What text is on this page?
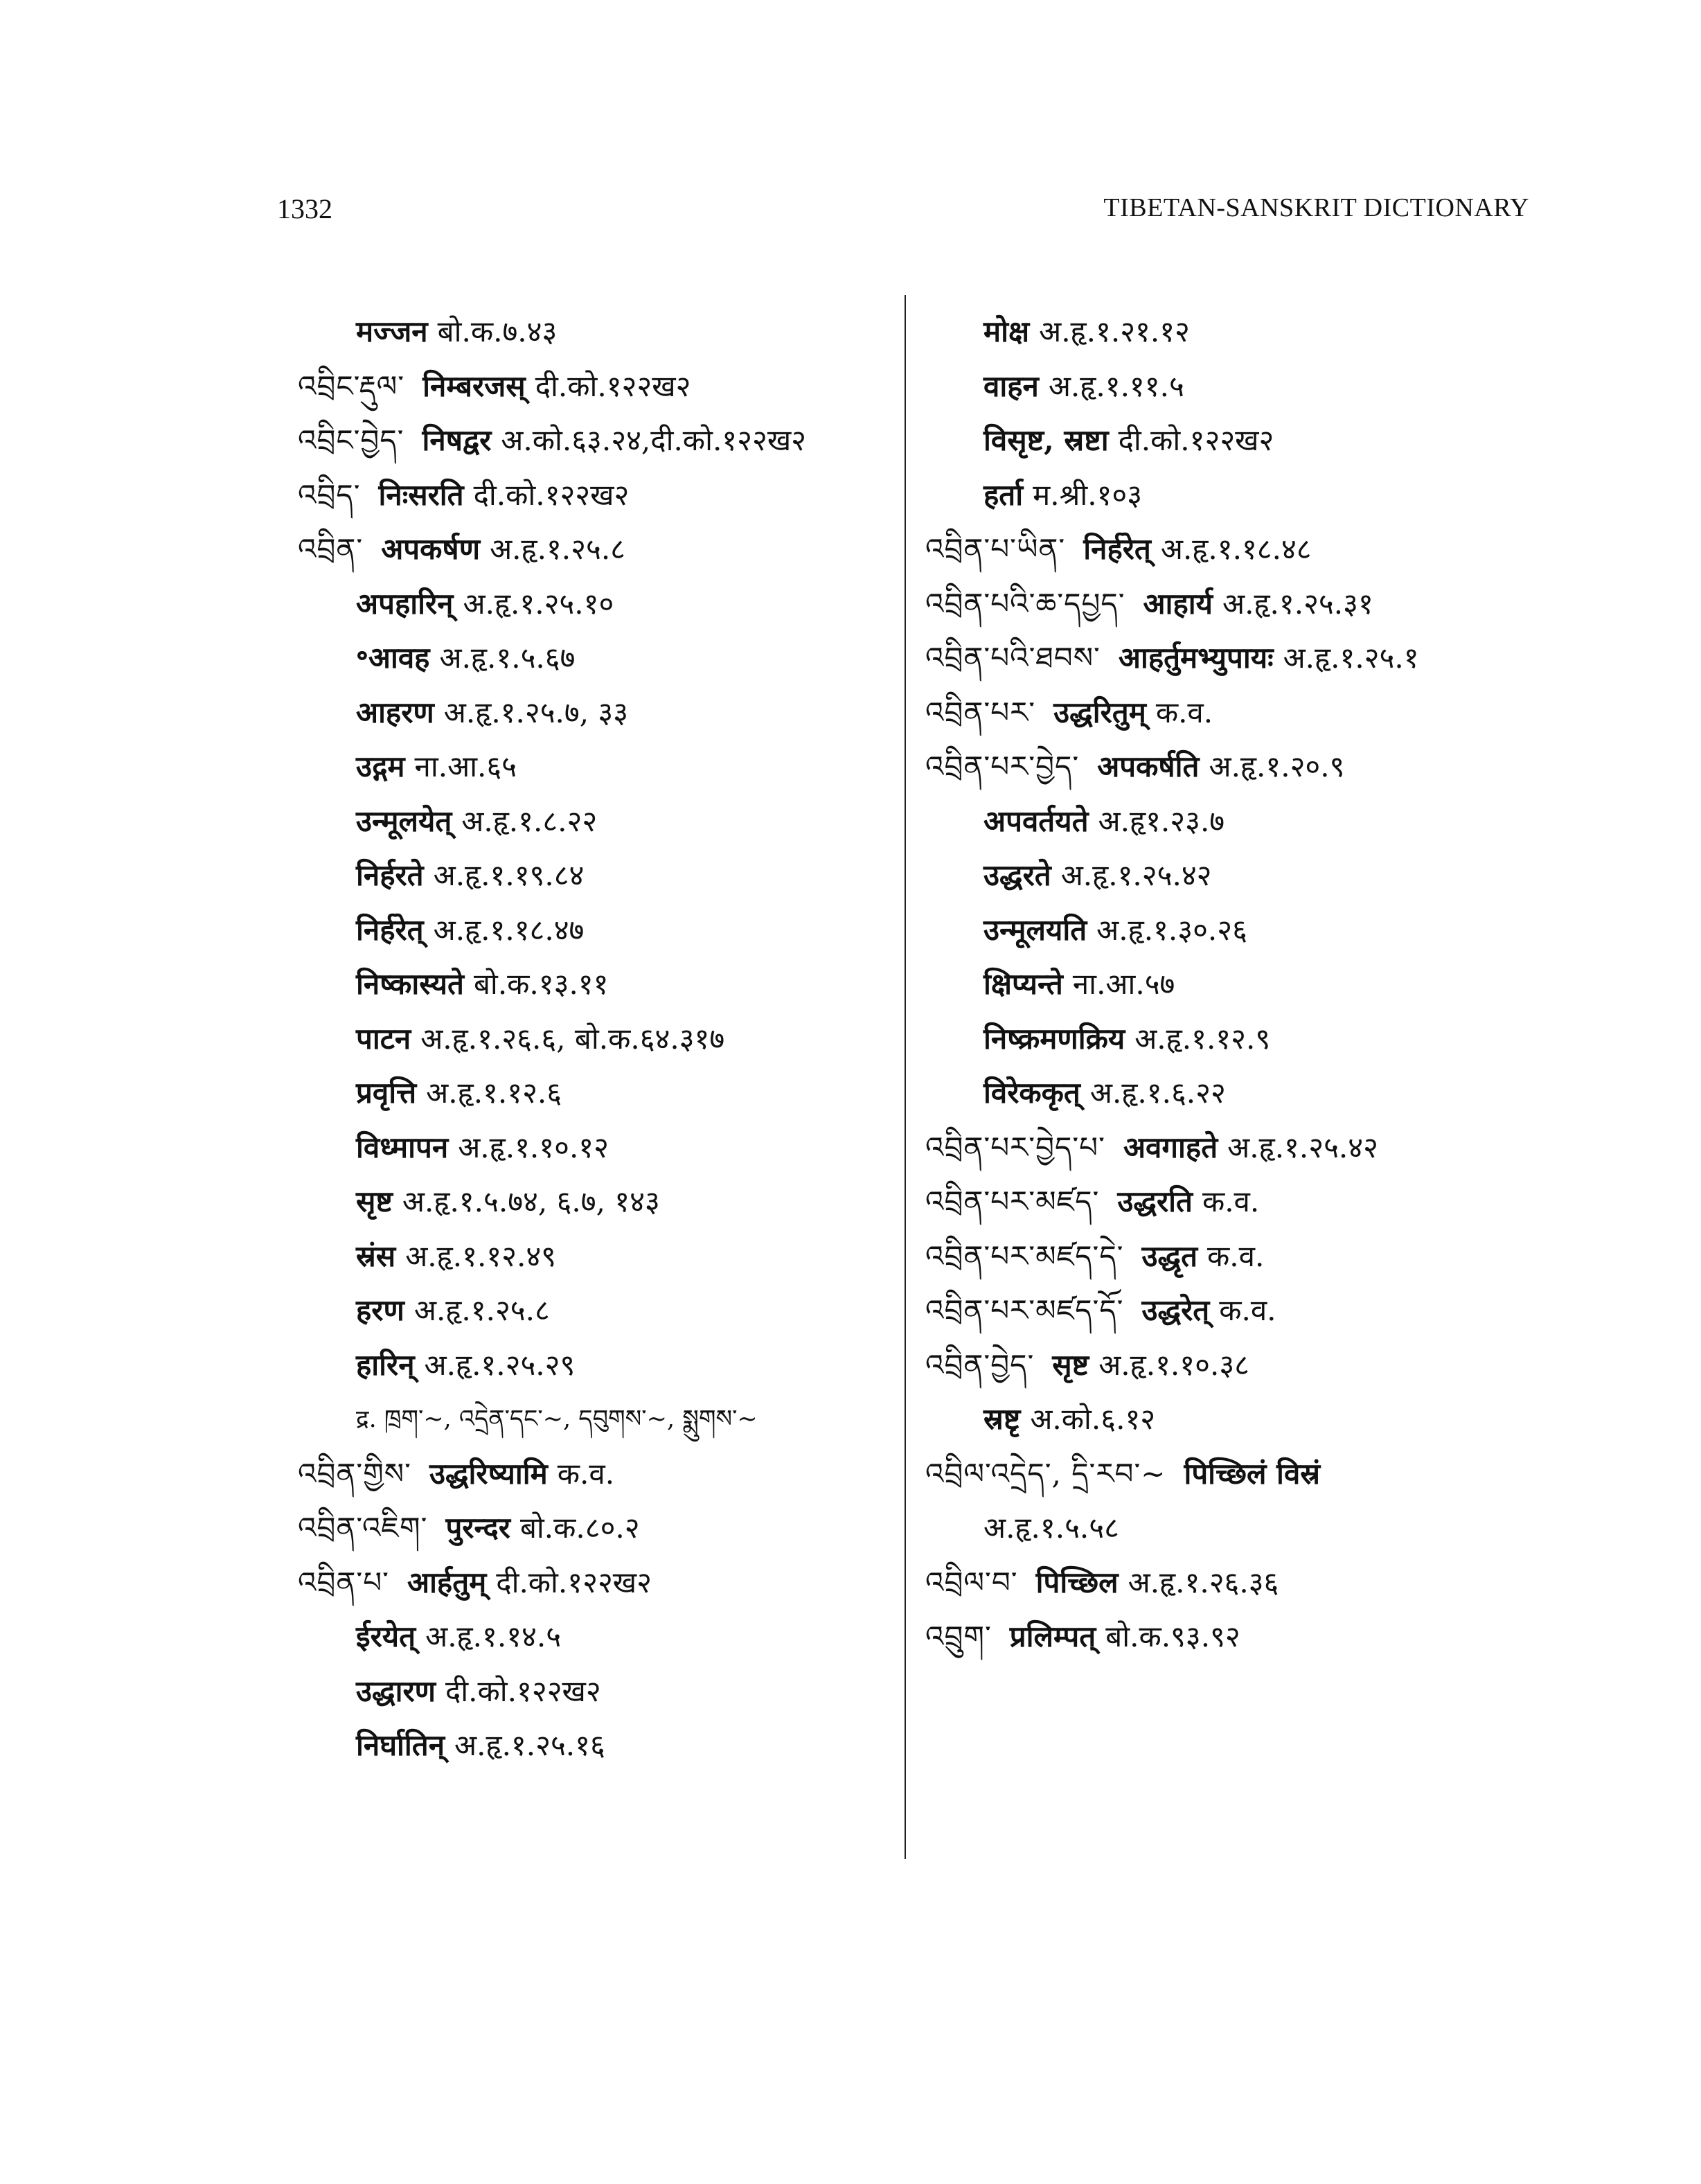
1332	TIBETAN-SANSKRIT DICTIONARY
मज्जन बो.क.७.४३
འབྲིང་རྡུལ་ निम्बरजस् दी.को.१२२ख२
འབྲིང་བྱེད་ निषद्वर अ.को.६३.२४,दी.को.१२२ख२
འབྲིད་ निःसरति दी.को.१२२ख२
འབྲིན་ अपकर्षण अ.हृ.१.२५.८
अपहारिन् अ.हृ.१.२५.१०
॰आवह अ.हृ.१.५.६७
आहरण अ.हृ.१.२५.७, ३३
उद्गम ना.आ.६५
उन्मूलयेत् अ.हृ.१.८.२२
निर्हरते अ.हृ.१.१९.८४
निर्हरेत् अ.हृ.१.१८.४७
निष्कास्यते बो.क.१३.११
पाटन अ.हृ.१.२६.६, बो.क.६४.३१७
प्रवृत्ति अ.हृ.१.१२.६
विध्मापन अ.हृ.१.१०.१२
सृष्ट अ.हृ.१.५.७४, ६.७, १४३
स्रंस अ.हृ.१.१२.४९
हरण अ.हृ.१.२५.८
हारिन् अ.हृ.१.२५.२९
द्र. ཁྲག་~, འདྲེན་དང་~, དབུགས་~, སྨུགས་~
འབྲིན་གྱིས་ उद्धरिष्यामि क.व.
འབྲིན་འཇིག་ पुरन्दर बो.क.८०.२
འབྲིན་པ་ आर्हतुम् दी.को.१२२ख२
ईरयेत् अ.हृ.१.१४.५
उद्धारण दी.को.१२२ख२
निर्घातिन् अ.हृ.१.२५.१६
मोक्ष अ.हृ.१.२१.१२
वाहन अ.हृ.१.११.५
विसृष्ट, स्रष्टा दी.को.१२२ख२
हर्ता म.श्री.१०३
འབྲིན་པ་ཡིན་ निर्हरेत् अ.हृ.१.१८.४८
འབྲིན་པའི་ཆ་དཔྱད་ आहार्य अ.हृ.१.२५.३१
འབྲིན་པའི་ཐབས་ आहर्तुमभ्युपायः अ.हृ.१.२५.१
འབྲིན་པར་ उद्धरितुम् क.व.
འབྲིན་པར་བྱེད་ अपकर्षति अ.हृ.१.२०.९
अपवर्तयते अ.हृ१.२३.७
उद्धरते अ.हृ.१.२५.४२
उन्मूलयति अ.हृ.१.३०.२६
क्षिप्यन्ते ना.आ.५७
निष्क्रमणक्रिय अ.हृ.१.१२.९
विरेककृत् अ.हृ.१.६.२२
འབྲིན་པར་བྱེད་པ་ अवगाहते अ.हृ.१.२५.४२
འབྲིན་པར་མཛད་ उद्धरति क.व.
འབྲིན་པར་མཛད་དེ་ उद्धृत क.व.
འབྲིན་པར་མཛད་དོ་ उद्धरेत् क.व.
འབྲིན་བྱེད་ सृष्ट अ.हृ.१.१०.३८
स्रष्टृ अ.को.६.१२
འབྲིལ་འདྲེད་, དྲི་རབ་~ पिच्छिलं विस्रं
अ.हृ.१.५.५८
འབྲིལ་བ་ पिच्छिल अ.हृ.१.२६.३६
འབྲུག་ प्रलिम्पत् बो.क.९३.९२
